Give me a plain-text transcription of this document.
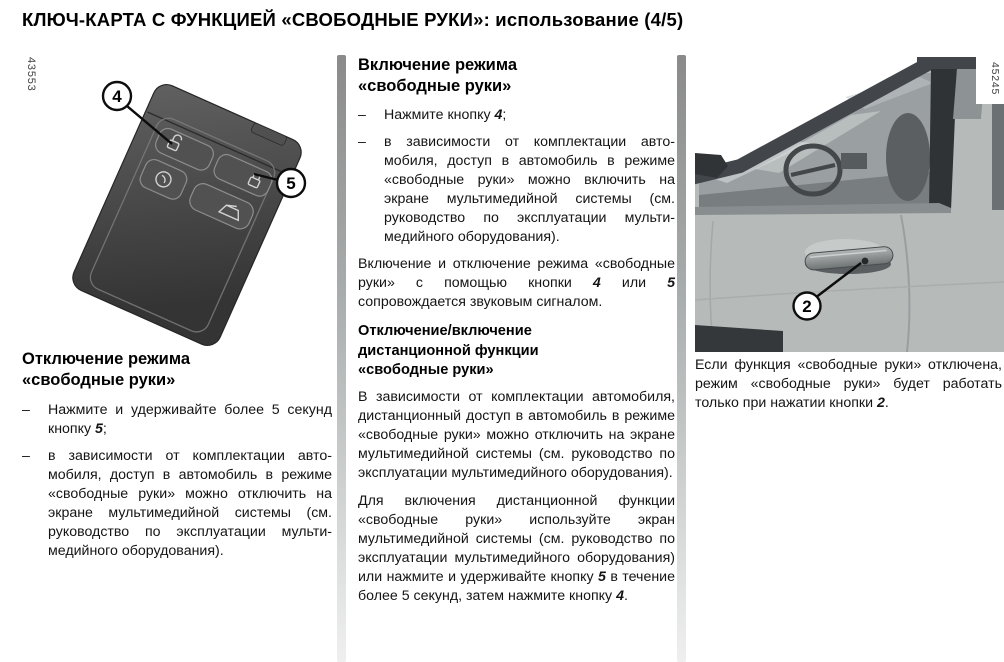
КЛЮЧ-КАРТА С ФУНКЦИЕЙ «СВОБОДНЫЕ РУКИ»: использование (4/5)
43553
4
5
Отключение режима
«свободные руки»
–	Нажмите и удерживайте более 5 секунд кнопку 5;

–	в зависимости от комплектации автомобиля, доступ в автомобиль в режиме «свободные руки» можно отключить на экране мультимедийной системы (см. руководство по эксплуатации мультимедийного оборудования).

Включение режима
«свободные руки»
–	Нажмите кнопку 4;

–	в зависимости от комплектации автомобиля, доступ в автомобиль в режиме «свободные руки» можно включить на экране мультимедийной системы (см. руководство по эксплуатации мультимедийного оборудования).

Включение и отключение режима «свободные руки» с помощью кнопки 4 или 5 сопровождается звуковым сигналом.

Отключение/включение
дистанционной функции
«свободные руки»

В зависимости от комплектации автомобиля, дистанционный доступ в автомобиль в режиме «свободные руки» можно отключить на экране мультимедийной системы (см. руководство по эксплуатации мультимедийного оборудования).

Для включения дистанционной функции «свободные руки» используйте экран мультимедийной системы (см. руководство по эксплуатации мультимедийного оборудования) или нажмите и удерживайте кнопку 5 в течение более 5 секунд, затем нажмите кнопку 4.

2
45245

Если функция «свободные руки» отключена, режим «свободные руки» будет работать только при нажатии кнопки 2.
